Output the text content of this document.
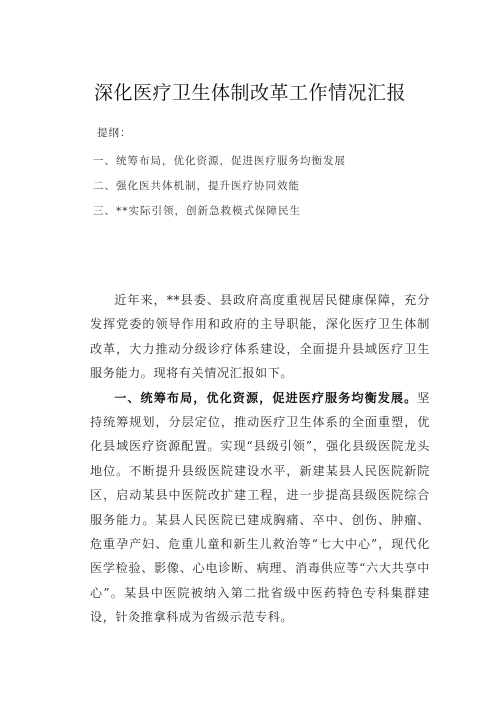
深化医疗卫生体制改革工作情况汇报
提纲：
一、统筹布局，优化资源，促进医疗服务均衡发展
二、强化医共体机制，提升医疗协同效能
三、**实际引领，创新急救模式保障民生

近年来，**县委、县政府高度重视居民健康保障，充分发挥党委的领导作用和政府的主导职能，深化医疗卫生体制改革，大力推动分级诊疗体系建设，全面提升县域医疗卫生服务能力。现将有关情况汇报如下。

一、统筹布局，优化资源，促进医疗服务均衡发展。坚持统筹规划，分层定位，推动医疗卫生体系的全面重塑，优化县域医疗资源配置。实现“县级引领”，强化县级医院龙头地位。不断提升县级医院建设水平，新建某县人民医院新院区，启动某县中医院改扩建工程，进一步提高县级医院综合服务能力。某县人民医院已建成胸痛、卒中、创伤、肿瘤、危重孕产妇、危重儿童和新生儿救治等“七大中心”，现代化医学检验、影像、心电诊断、病理、消毒供应等“六大共享中心”。某县中医院被纳入第二批省级中医药特色专科集群建设，针灸推拿科成为省级示范专科。
